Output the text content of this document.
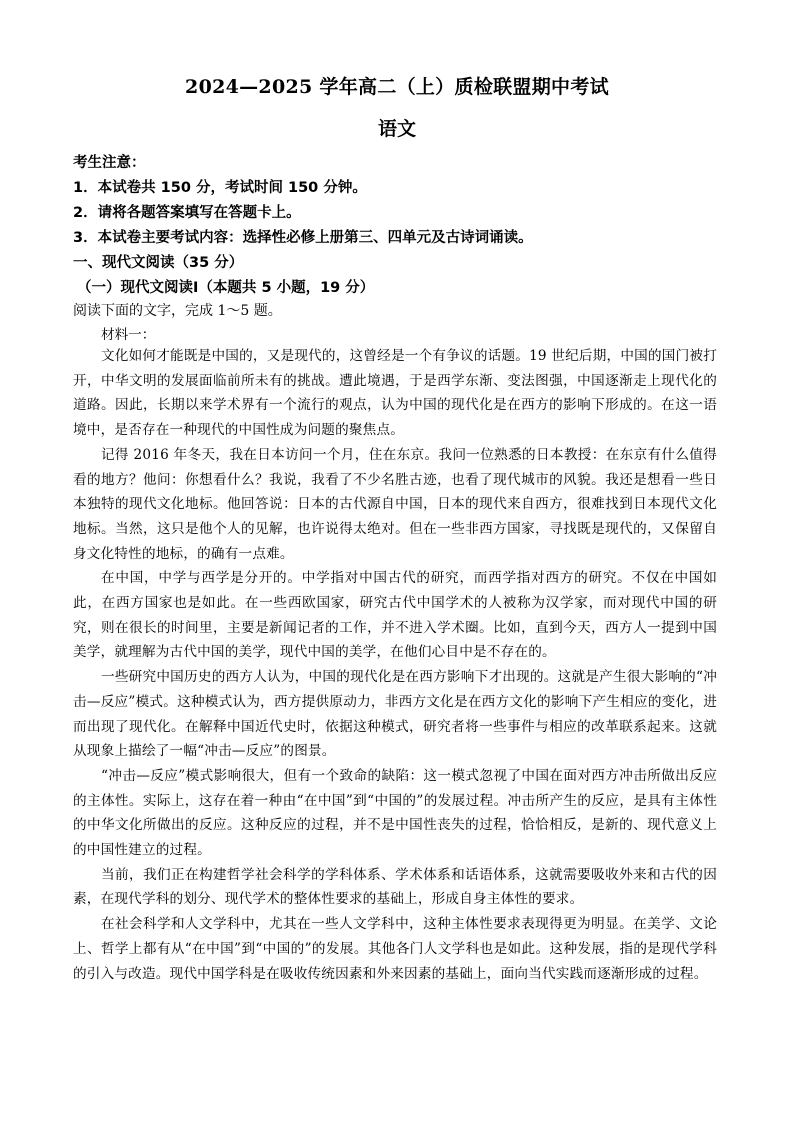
2024—2025 学年高二（上）质检联盟期中考试
语文
考生注意：
1．本试卷共 150 分，考试时间 150 分钟。
2．请将各题答案填写在答题卡上。
3．本试卷主要考试内容：选择性必修上册第三、四单元及古诗词诵读。
一、现代文阅读（35 分）
（一）现代文阅读Ⅰ（本题共 5 小题，19 分）
阅读下面的文字，完成 1～5 题。
材料一：

文化如何才能既是中国的，又是现代的，这曾经是一个有争议的话题。19 世纪后期，中国的国门被打开，中华文明的发展面临前所未有的挑战。遭此境遇，于是西学东渐、变法图强，中国逐渐走上现代化的道路。因此，长期以来学术界有一个流行的观点，认为中国的现代化是在西方的影响下形成的。在这一语境中，是否存在一种现代的中国性成为问题的聚焦点。

记得 2016 年冬天，我在日本访问一个月，住在东京。我问一位熟悉的日本教授：在东京有什么值得看的地方？他问：你想看什么？我说，我看了不少名胜古迹，也看了现代城市的风貌。我还是想看一些日本独特的现代文化地标。他回答说：日本的古代源自中国，日本的现代来自西方，很难找到日本现代文化地标。当然，这只是他个人的见解，也许说得太绝对。但在一些非西方国家，寻找既是现代的，又保留自身文化特性的地标，的确有一点难。

在中国，中学与西学是分开的。中学指对中国古代的研究，而西学指对西方的研究。不仅在中国如此，在西方国家也是如此。在一些西欧国家，研究古代中国学术的人被称为汉学家，而对现代中国的研究，则在很长的时间里，主要是新闻记者的工作，并不进入学术圈。比如，直到今天，西方人一提到中国美学，就理解为古代中国的美学，现代中国的美学，在他们心目中是不存在的。

一些研究中国历史的西方人认为，中国的现代化是在西方影响下才出现的。这就是产生很大影响的“冲击—反应”模式。这种模式认为，西方提供原动力，非西方文化是在西方文化的影响下产生相应的变化，进而出现了现代化。在解释中国近代史时，依据这种模式，研究者将一些事件与相应的改革联系起来。这就从现象上描绘了一幅“冲击—反应”的图景。

“冲击—反应”模式影响很大，但有一个致命的缺陷：这一模式忽视了中国在面对西方冲击所做出反应的主体性。实际上，这存在着一种由“在中国”到“中国的”的发展过程。冲击所产生的反应，是具有主体性的中华文化所做出的反应。这种反应的过程，并不是中国性丧失的过程，恰恰相反，是新的、现代意义上的中国性建立的过程。

当前，我们正在构建哲学社会科学的学科体系、学术体系和话语体系，这就需要吸收外来和古代的因素，在现代学科的划分、现代学术的整体性要求的基础上，形成自身主体性的要求。

在社会科学和人文学科中，尤其在一些人文学科中，这种主体性要求表现得更为明显。在美学、文论上、哲学上都有从“在中国”到“中国的”的发展。其他各门人文学科也是如此。这种发展，指的是现代学科的引入与改造。现代中国学科是在吸收传统因素和外来因素的基础上，面向当代实践而逐渐形成的过程。
